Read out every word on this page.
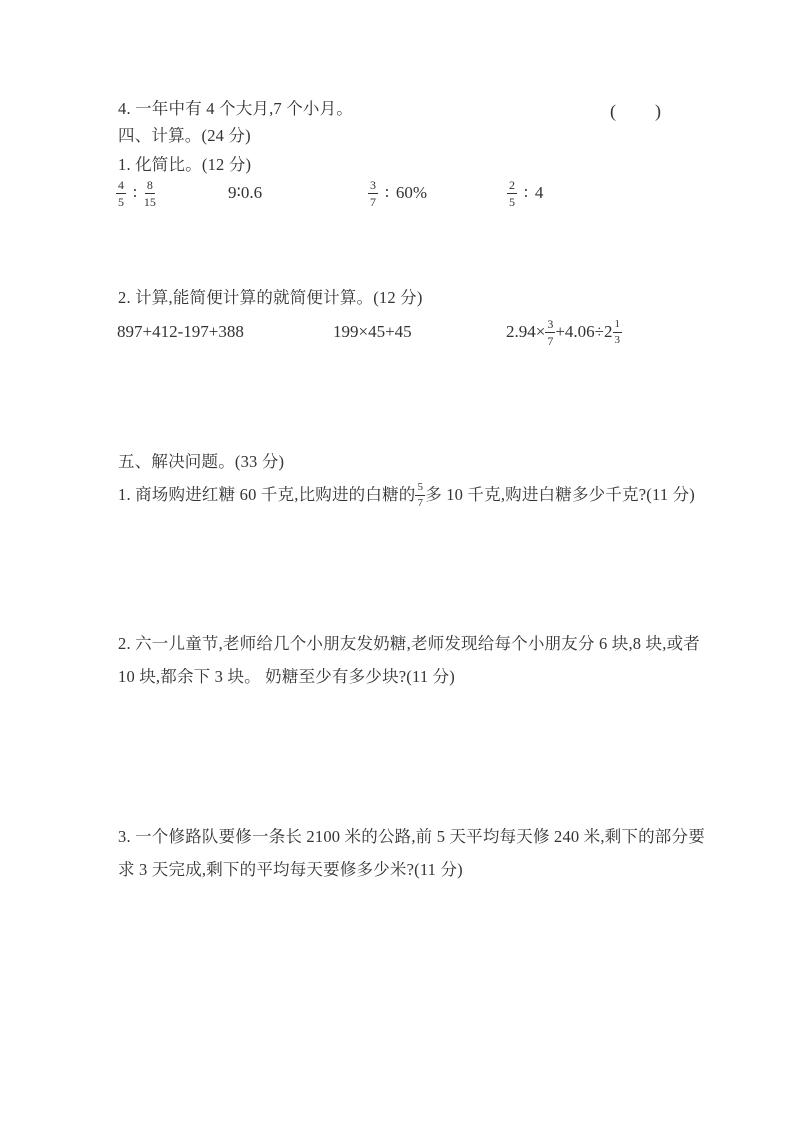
4. 一年中有 4 个大月,7 个小月。	(　　)
四、计算。(24 分)
1. 化简比。(12 分)
$\frac{4}{5}$ ∶ $\frac{8}{15}$	9∶0.6	$\frac{3}{7}$ ∶ 60%	$\frac{2}{5}$ ∶ 4
2. 计算,能简便计算的就简便计算。(12 分)
897+412-197+388	199×45+45	$2.94\times \frac{3}{7} +4.06\div 2 \frac{1}{3}$
五、解决问题。(33 分)
1. 商场购进红糖 60 千克,比购进的白糖的 $\frac{5}{7}$ 多 10 千克,购进白糖多少千克?(11 分)
2. 六一儿童节,老师给几个小朋友发奶糖,老师发现给每个小朋友分 6 块,8 块,或者
10 块,都余下 3 块。 奶糖至少有多少块?(11 分)
3. 一个修路队要修一条长 2100 米的公路,前 5 天平均每天修 240 米,剩下的部分要
求 3 天完成,剩下的平均每天要修多少米?(11 分)
